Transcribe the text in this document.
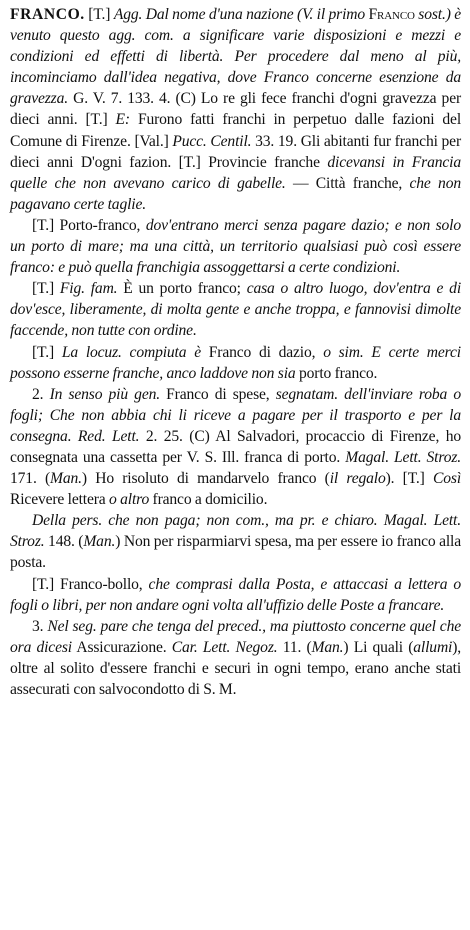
FRANCO. [T.] Agg. Dal nome d'una nazione (V. il primo Franco sost.) è venuto questo agg. com. a significare varie disposizioni e mezzi e condizioni ed effetti di libertà. Per procedere dal meno al più, incominciamo dall'idea negativa, dove Franco concerne esenzione da gravezza. G. V. 7. 133. 4. (C) Lo re gli fece franchi d'ogni gravezza per dieci anni. [T.] E: Furono fatti franchi in perpetuo dalle fazioni del Comune di Firenze. [Val.] Pucc. Centil. 33. 19. Gli abitanti fur franchi per dieci anni D'ogni fazion. [T.] Provincie franche dicevansi in Francia quelle che non avevano carico di gabelle. — Città franche, che non pagavano certe taglie.

[T.] Porto-franco, dov'entrano merci senza pagare dazio; e non solo un porto di mare; ma una città, un territorio qualsiasi può così essere franco: e può quella franchigia assoggettarsi a certe condizioni.

[T.] Fig. fam. È un porto franco; casa o altro luogo, dov'entra e di dov'esce, liberamente, di molta gente e anche troppa, e fannovisi dimolte faccende, non tutte con ordine.

[T.] La locuz. compiuta è Franco di dazio, o sim. E certe merci possono esserne franche, anco laddove non sia porto franco.

2. In senso più gen. Franco di spese, segnatam. dell'inviare roba o fogli; Che non abbia chi li riceve a pagare per il trasporto e per la consegna. Red. Lett. 2. 25. (C) Al Salvadori, procaccio di Firenze, ho consegnata una cassetta per V. S. Ill. franca di porto. Magal. Lett. Stroz. 171. (Man.) Ho risoluto di mandarvelo franco (il regalo). [T.] Così Ricevere lettera o altro franco a domicilio.

Della pers. che non paga; non com., ma pr. e chiaro. Magal. Lett. Stroz. 148. (Man.) Non per risparmiarvi spesa, ma per essere io franco alla posta.

[T.] Franco-bollo, che comprasi dalla Posta, e attaccasi a lettera o fogli o libri, per non andare ogni volta all'uffizio delle Poste a francare.

3. Nel seg. pare che tenga del preced., ma piuttosto concerne quel che ora dicesi Assicurazione. Car. Lett. Negoz. 11. (Man.) Li quali (allumi), oltre al solito d'essere franchi e securi in ogni tempo, erano anche stati assecurati con salvocondotto di S. M.
